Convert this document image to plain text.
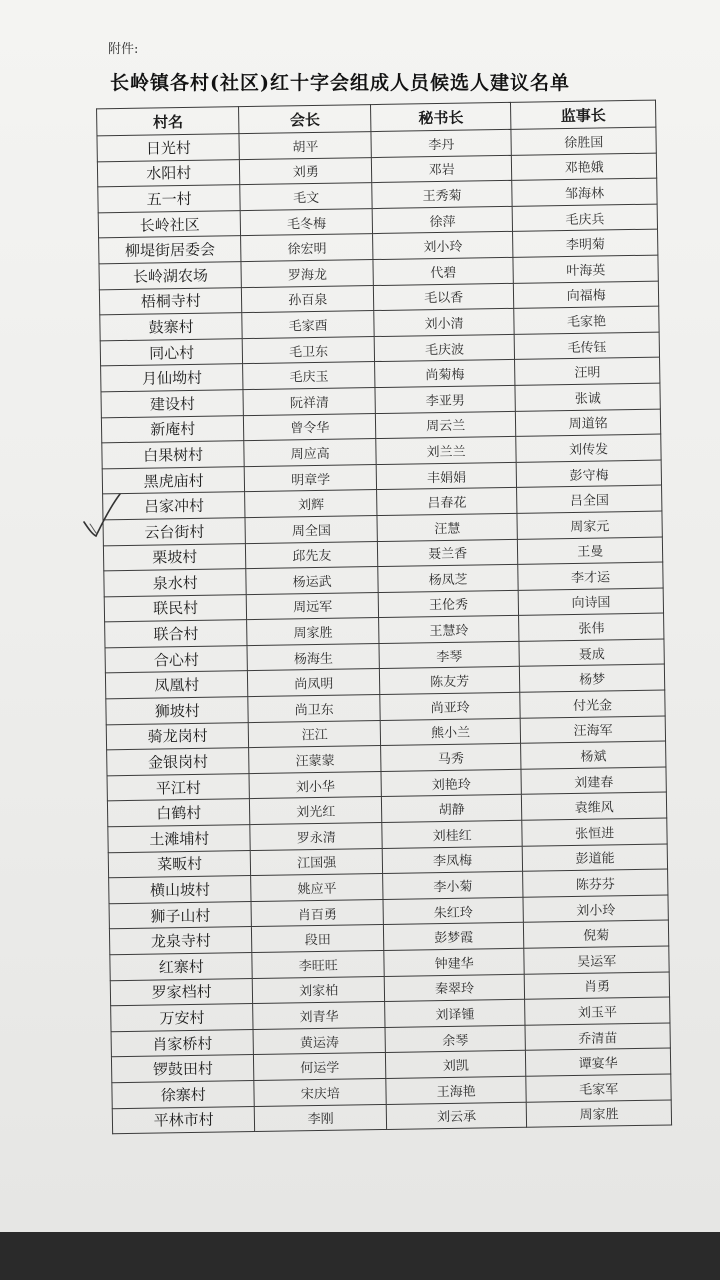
附件:
长岭镇各村(社区)红十字会组成人员候选人建议名单
村名	会长	秘书长	监事长
日光村	胡平	李丹	徐胜国
水阳村	刘勇	邓岩	邓艳娥
五一村	毛文	王秀菊	邹海林
长岭社区	毛冬梅	徐萍	毛庆兵
柳堤街居委会	徐宏明	刘小玲	李明菊
长岭湖农场	罗海龙	代碧	叶海英
梧桐寺村	孙百泉	毛以香	向福梅
鼓寨村	毛家酉	刘小清	毛家艳
同心村	毛卫东	毛庆波	毛传钰
月仙坳村	毛庆玉	尚菊梅	汪明
建设村	阮祥清	李亚男	张诚
新庵村	曾令华	周云兰	周道铭
白果树村	周应高	刘兰兰	刘传发
黑虎庙村	明章学	丰娟娟	彭守梅
吕家冲村	刘辉	吕春花	吕全国
云台街村	周全国	汪慧	周家元
栗坡村	邱先友	聂兰香	王曼
泉水村	杨运武	杨凤芝	李才运
联民村	周远军	王伦秀	向诗国
联合村	周家胜	王慧玲	张伟
合心村	杨海生	李琴	聂成
凤凰村	尚凤明	陈友芳	杨梦
狮坡村	尚卫东	尚亚玲	付光金
骑龙岗村	汪江	熊小兰	汪海军
金银岗村	汪蒙蒙	马秀	杨斌
平江村	刘小华	刘艳玲	刘建春
白鹤村	刘光红	胡静	袁维风
土滩埔村	罗永清	刘桂红	张恒进
菜畈村	江国强	李凤梅	彭道能
横山坡村	姚应平	李小菊	陈芬芬
狮子山村	肖百勇	朱红玲	刘小玲
龙泉寺村	段田	彭梦霞	倪菊
红寨村	李旺旺	钟建华	吴运军
罗家档村	刘家柏	秦翠玲	肖勇
万安村	刘青华	刘译锺	刘玉平
肖家桥村	黄运涛	余琴	乔清苗
锣鼓田村	何运学	刘凯	谭宴华
徐寨村	宋庆培	王海艳	毛家军
平林市村	李刚	刘云承	周家胜
